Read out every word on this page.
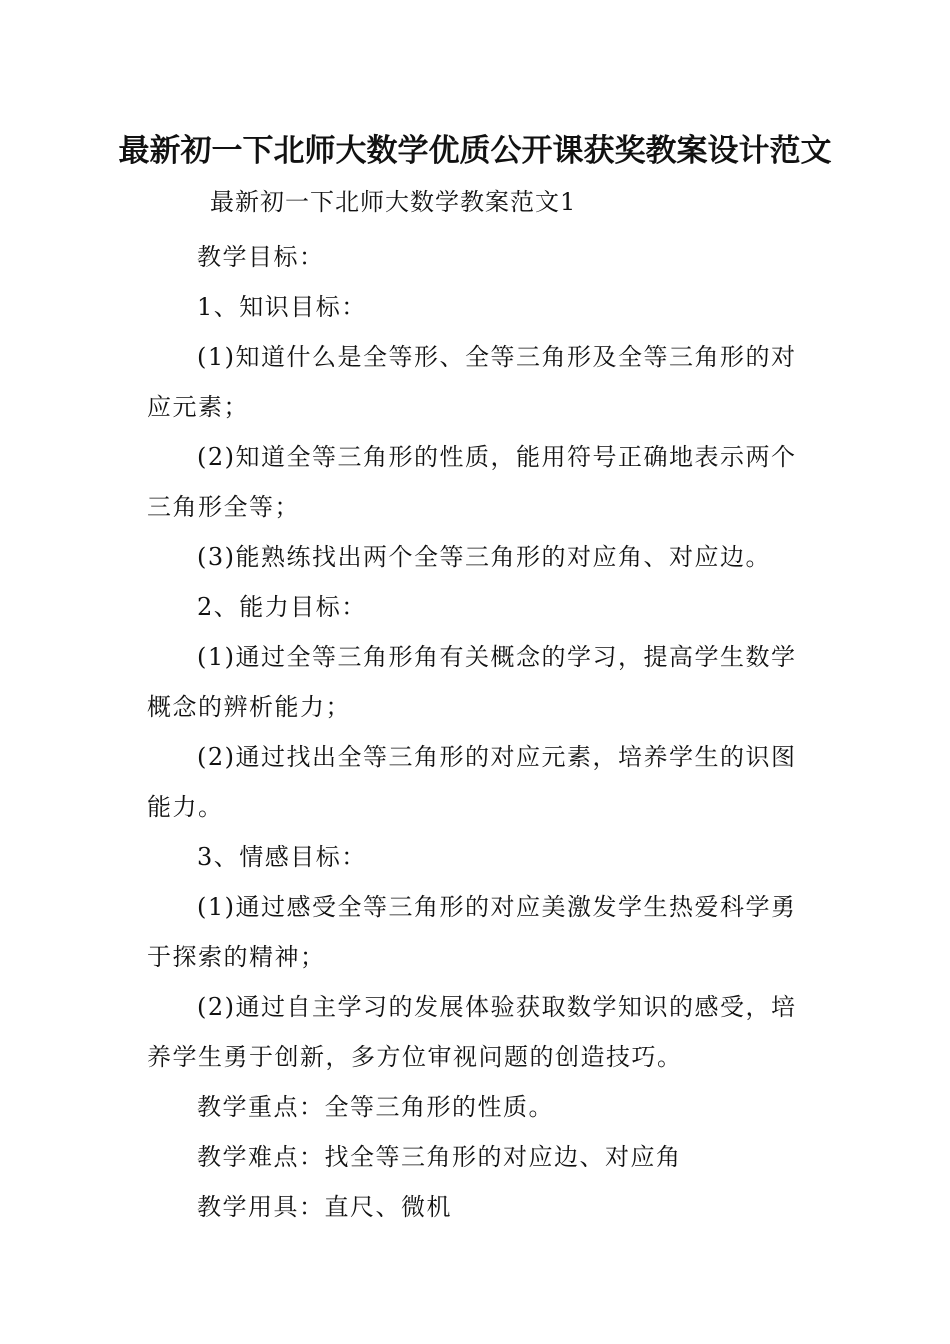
最新初一下北师大数学优质公开课获奖教案设计范文
最新初一下北师大数学教案范文1

教学目标：

1、知识目标：

(1)知道什么是全等形、全等三角形及全等三角形的对应元素；

(2)知道全等三角形的性质，能用符号正确地表示两个三角形全等；

(3)能熟练找出两个全等三角形的对应角、对应边。

2、能力目标：

(1)通过全等三角形角有关概念的学习，提高学生数学概念的辨析能力；

(2)通过找出全等三角形的对应元素，培养学生的识图能力。

3、情感目标：

(1)通过感受全等三角形的对应美激发学生热爱科学勇于探索的精神；

(2)通过自主学习的发展体验获取数学知识的感受，培养学生勇于创新，多方位审视问题的创造技巧。

教学重点：全等三角形的性质。

教学难点：找全等三角形的对应边、对应角

教学用具：直尺、微机
